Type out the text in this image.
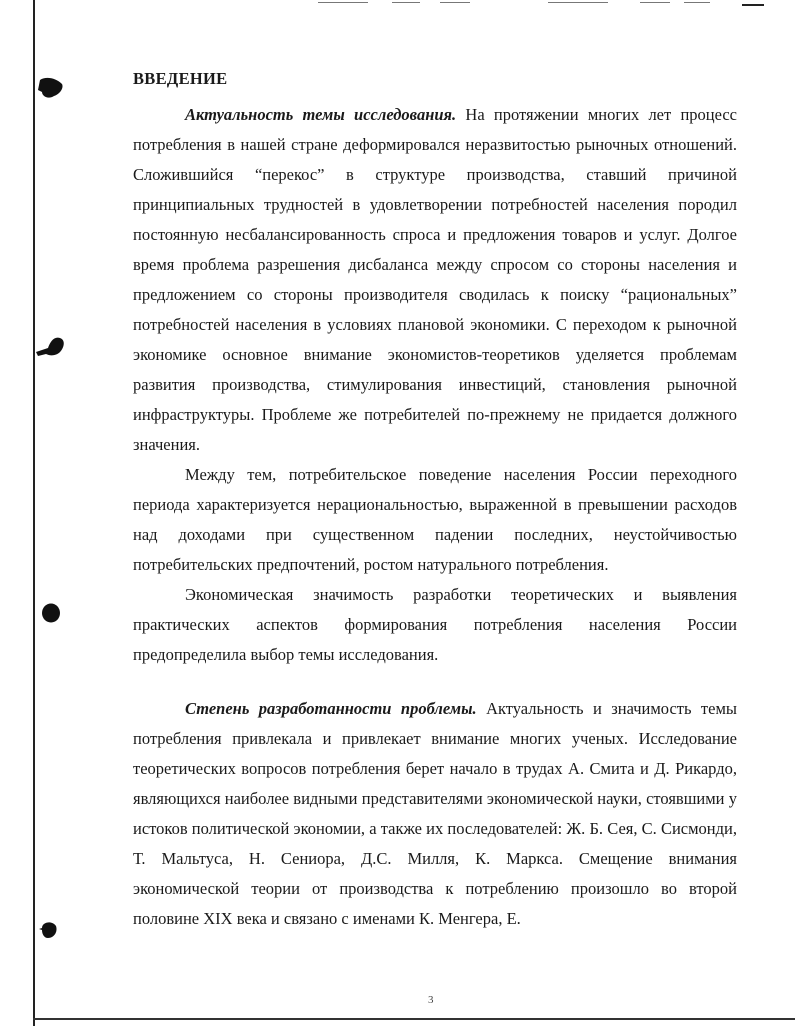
ВВЕДЕНИЕ

Актуальность темы исследования. На протяжении многих лет процесс потребления в нашей стране деформировался неразвитостью рыночных отношений. Сложившийся “перекос” в структуре производства, ставший причиной принципиальных трудностей в удовлетворении потребностей населения породил постоянную несбалансированность спроса и предложения товаров и услуг. Долгое время проблема разрешения дисбаланса между спросом со стороны населения и предложением со стороны производителя сводилась к поиску “рациональных” потребностей населения в условиях плановой экономики. С переходом к рыночной экономике основное внимание экономистов-теоретиков уделяется проблемам развития производства, стимулирования инвестиций, становления рыночной инфраструктуры. Проблеме же потребителей по-прежнему не придается должного значения.

Между тем, потребительское поведение населения России переходного периода характеризуется нерациональностью, выраженной в превышении расходов над доходами при существенном падении последних, неустойчивостью потребительских предпочтений, ростом натурального потребления.

Экономическая значимость разработки теоретических и выявления практических аспектов формирования потребления населения России предопределила выбор темы исследования.

Степень разработанности проблемы. Актуальность и значимость темы потребления привлекала и привлекает внимание многих ученых. Исследование теоретических вопросов потребления берет начало в трудах А. Смита и Д. Рикардо, являющихся наиболее видными представителями экономической науки, стоявшими у истоков политической экономии, а также их последователей: Ж. Б. Сея, С. Сисмонди, Т. Мальтуса, Н. Сениора, Д.С. Милля, К. Маркса. Смещение внимания экономической теории от производства к потреблению произошло во второй половине XIX века и связано с именами К. Менгера, Е.

3
